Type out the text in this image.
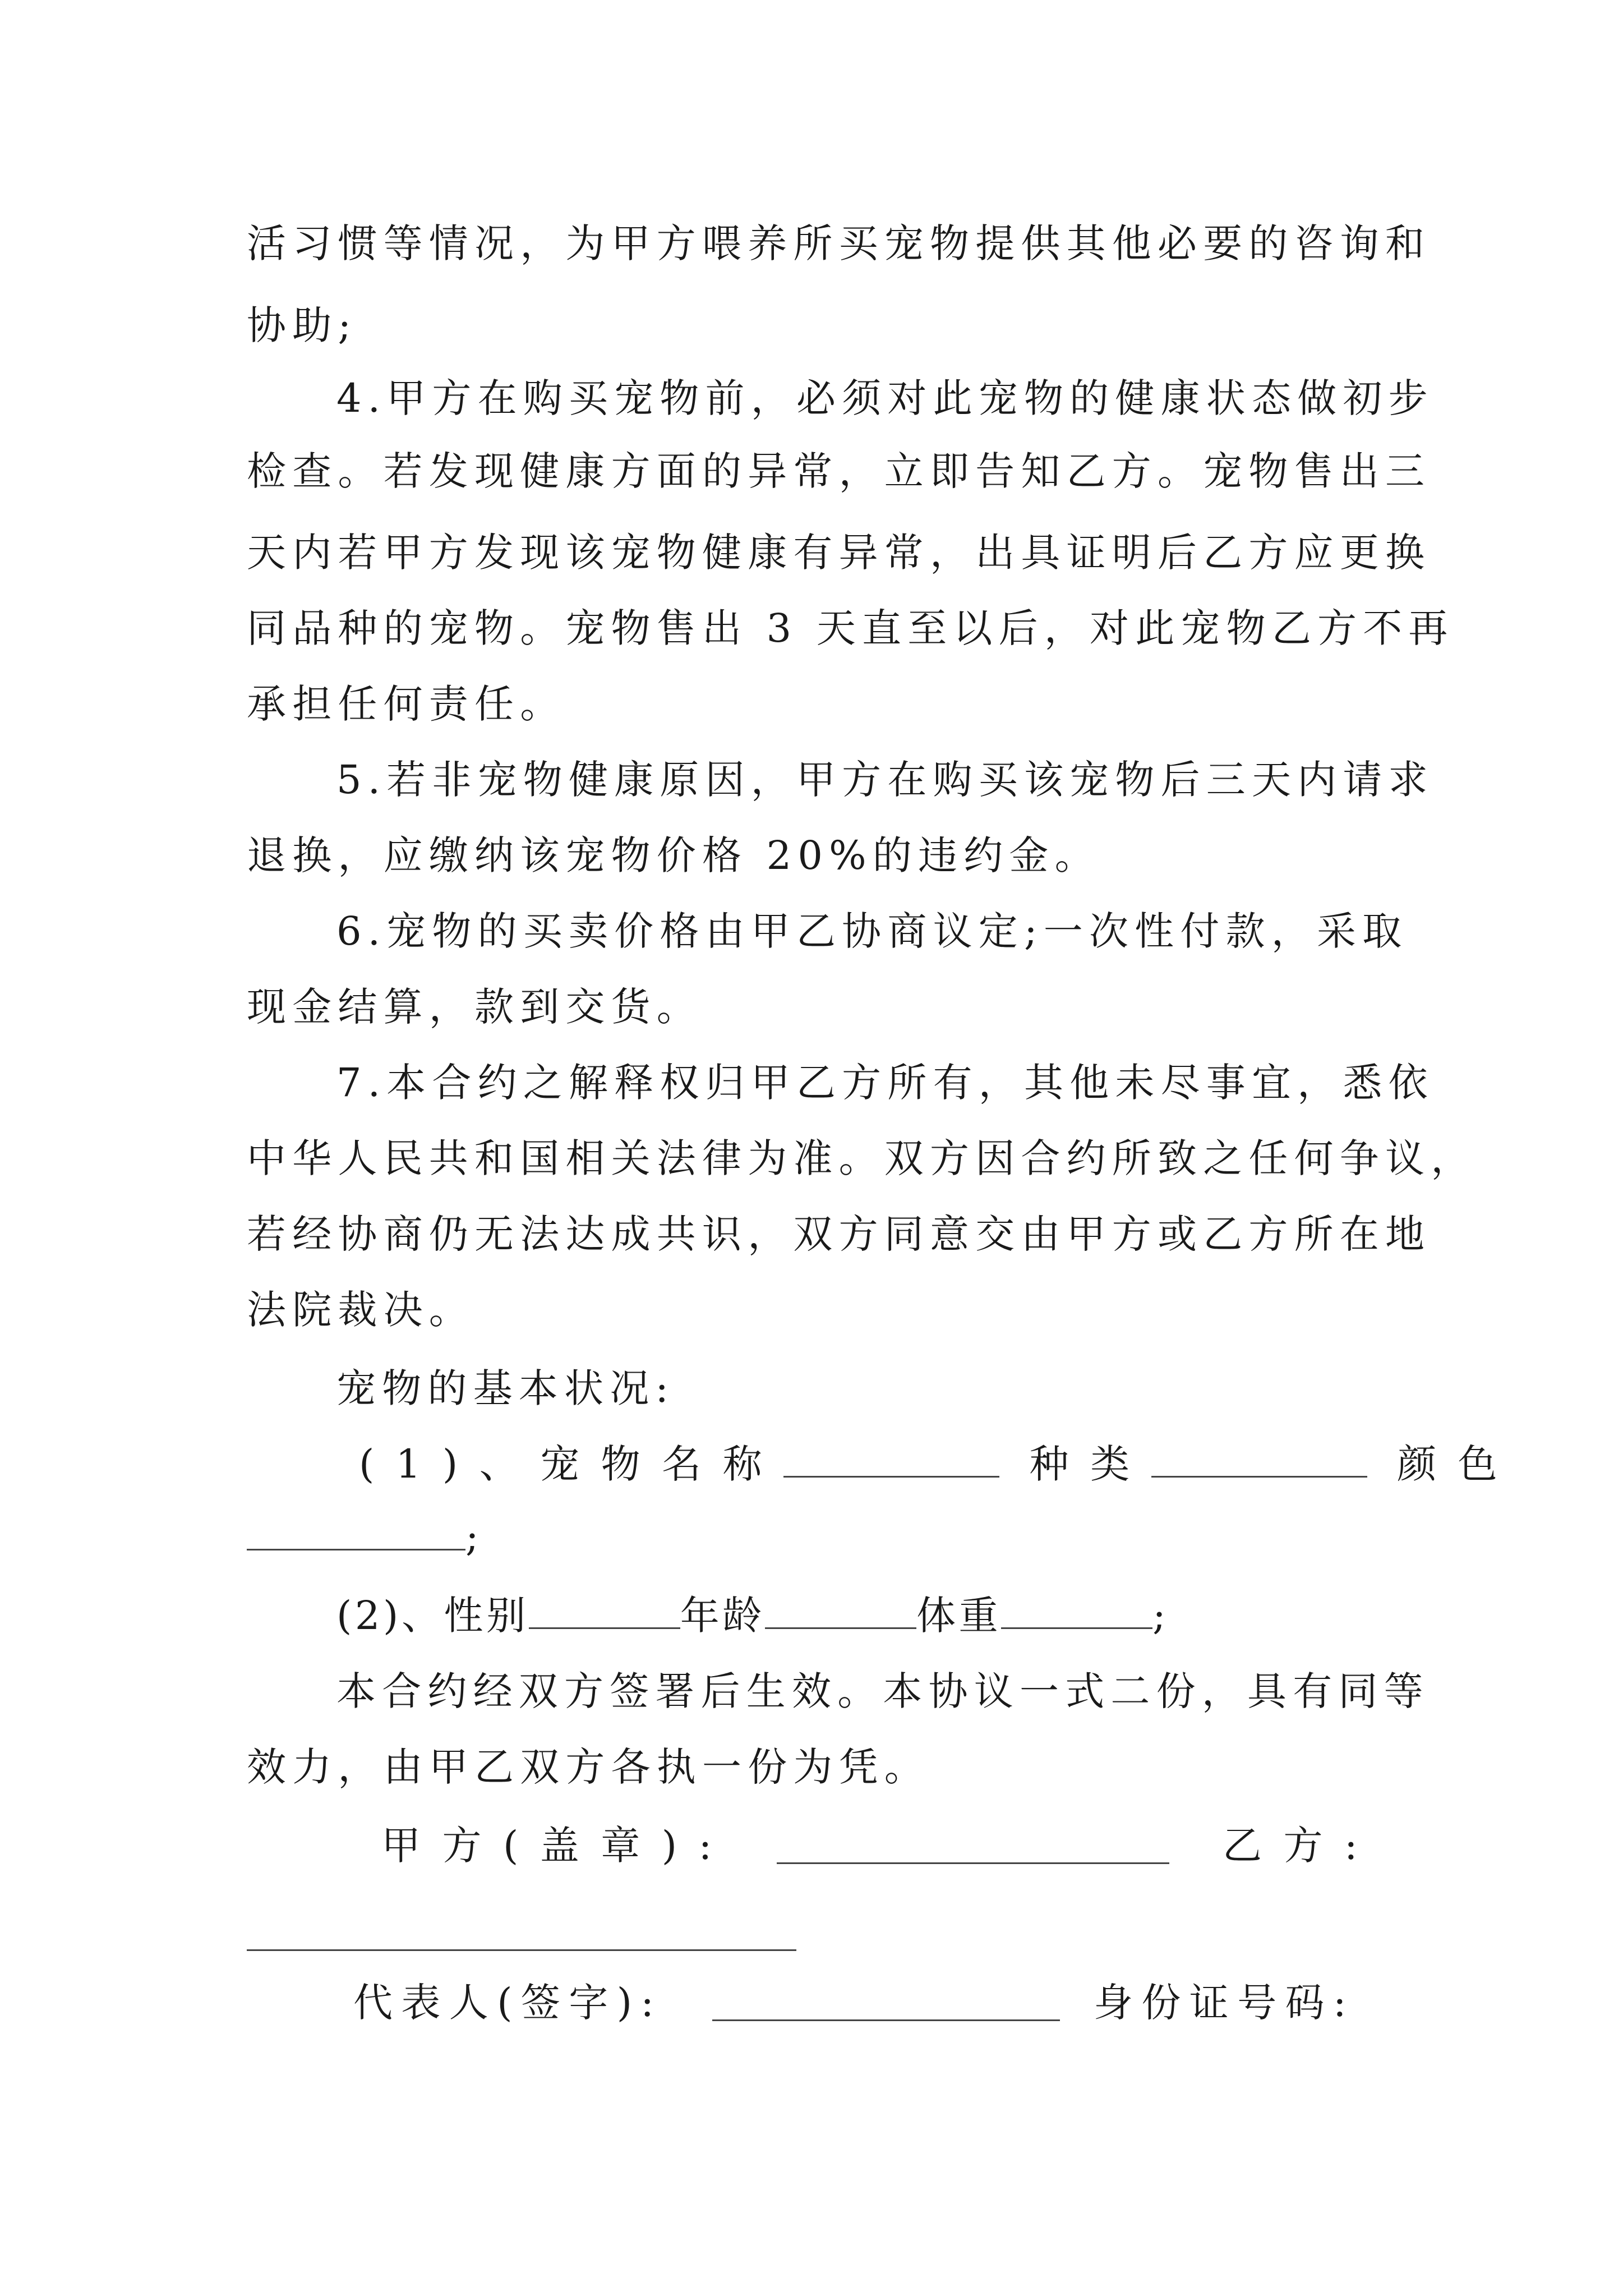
活习惯等情况，为甲方喂养所买宠物提供其他必要的咨询和
协助;
4.甲方在购买宠物前，必须对此宠物的健康状态做初步
检查。若发现健康方面的异常，立即告知乙方。宠物售出三
天内若甲方发现该宠物健康有异常，出具证明后乙方应更换
同品种的宠物。宠物售出 3 天直至以后，对此宠物乙方不再
承担任何责任。
5.若非宠物健康原因，甲方在购买该宠物后三天内请求
退换，应缴纳该宠物价格 20%的违约金。
6.宠物的买卖价格由甲乙协商议定;一次性付款，采取
现金结算，款到交货。
7.本合约之解释权归甲乙方所有，其他未尽事宜，悉依
中华人民共和国相关法律为准。双方因合约所致之任何争议，
若经协商仍无法达成共识，双方同意交由甲方或乙方所在地
法院裁决。
宠物的基本状况:
(1)、宠物名称	种类	颜色
;
(2)、性别	年龄	体重	;
本合约经双方签署后生效。本协议一式二份，具有同等
效力，由甲乙双方各执一份为凭。
甲方(盖章):	乙方:
代表人(签字):	身份证号码:
